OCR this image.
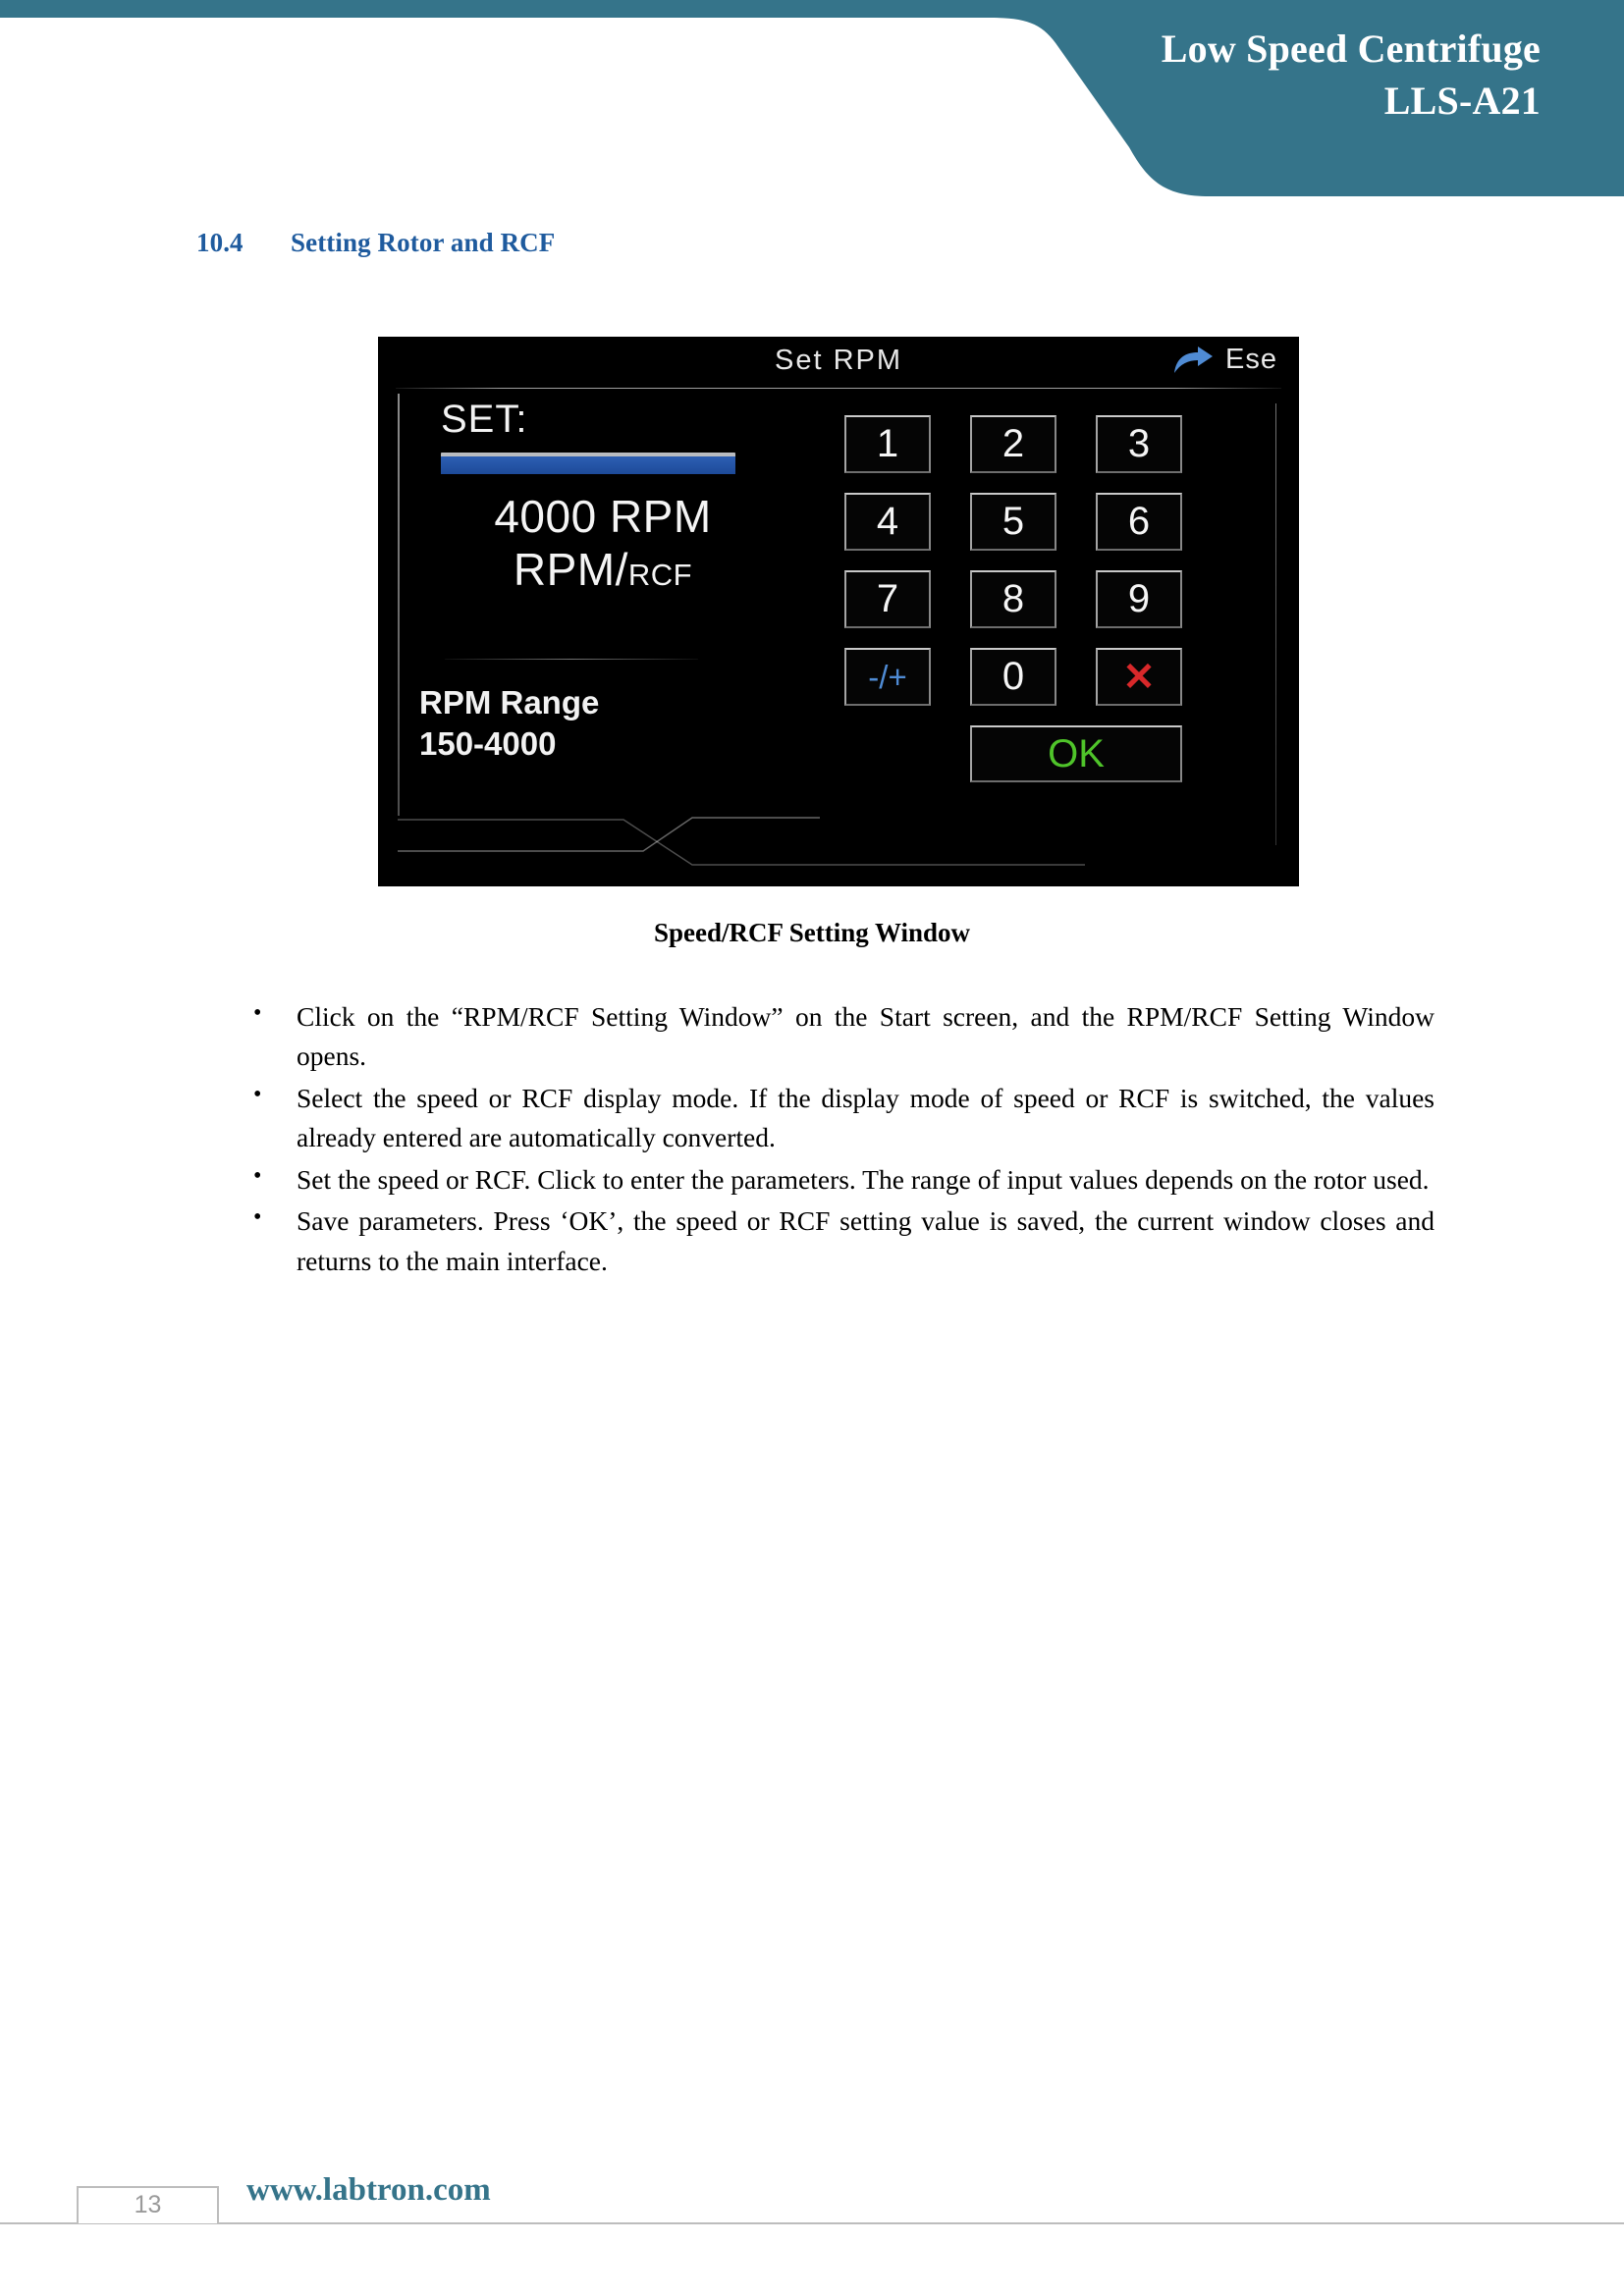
Low Speed Centrifuge
LLS-A21
10.4 Setting Rotor and RCF
Set RPM	Ese
SET:
4000 RPM
RPM/RCF
RPM Range
150-4000
1	2	3
4	5	6
7	8	9
-/+	0	✕
OK
Speed/RCF Setting Window
• Click on the “RPM/RCF Setting Window” on the Start screen, and the RPM/RCF Setting Window opens.
• Select the speed or RCF display mode. If the display mode of speed or RCF is switched, the values already entered are automatically converted.
• Set the speed or RCF. Click to enter the parameters. The range of input values depends on the rotor used.
• Save parameters. Press ‘OK’, the speed or RCF setting value is saved, the current window closes and returns to the main interface.
13	www.labtron.com
